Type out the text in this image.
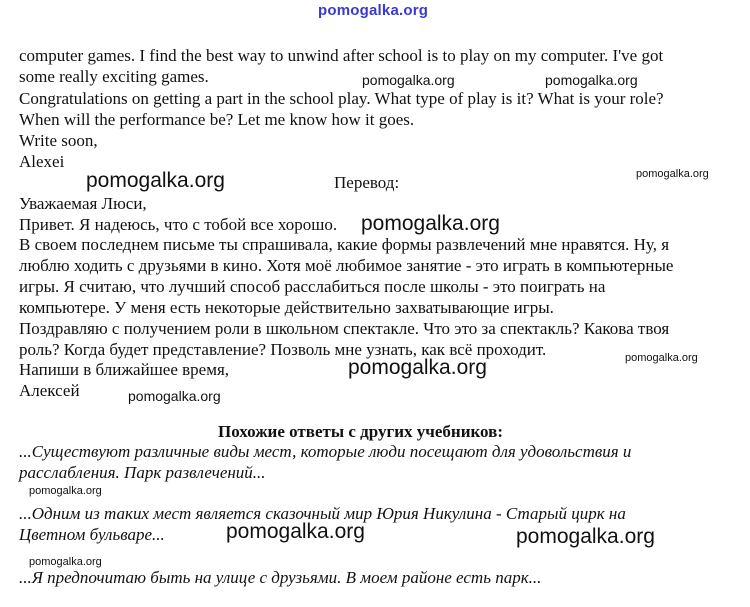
pomogalka.org
computer games. I find the best way to unwind after school is to play on my computer. I've got
some really exciting games.
Congratulations on getting a part in the school play. What type of play is it? What is your role?
When will the performance be? Let me know how it goes.
Write soon,
Alexei
Перевод:
Уважаемая Люси,
Привет. Я надеюсь, что с тобой все хорошо.
В своем последнем письме ты спрашивала, какие формы развлечений мне нравятся. Ну, я
люблю ходить с друзьями в кино. Хотя моё любимое занятие - это играть в компьютерные
игры. Я считаю, что лучший способ расслабиться после школы - это поиграть на
компьютере. У меня есть некоторые действительно захватывающие игры.
Поздравляю с получением роли в школьном спектакле. Что это за спектакль? Какова твоя
роль? Когда будет представление? Позволь мне узнать, как всё проходит.
Напиши в ближайшее время,
Алексей
Похожие ответы с других учебников:
...Существуют различные виды мест, которые люди посещают для удовольствия и
расслабления. Парк развлечений...
...Одним из таких мест является сказочный мир Юрия Никулина - Старый цирк на
Цветном бульваре...
...Я предпочитаю быть на улице с друзьями. В моем районе есть парк...
pomogalka.org	pomogalka.org
pomogalka.org	pomogalka.org
pomogalka.org
pomogalka.org
pomogalka.org
pomogalka.org
pomogalka.org
pomogalka.org	pomogalka.org
pomogalka.org
